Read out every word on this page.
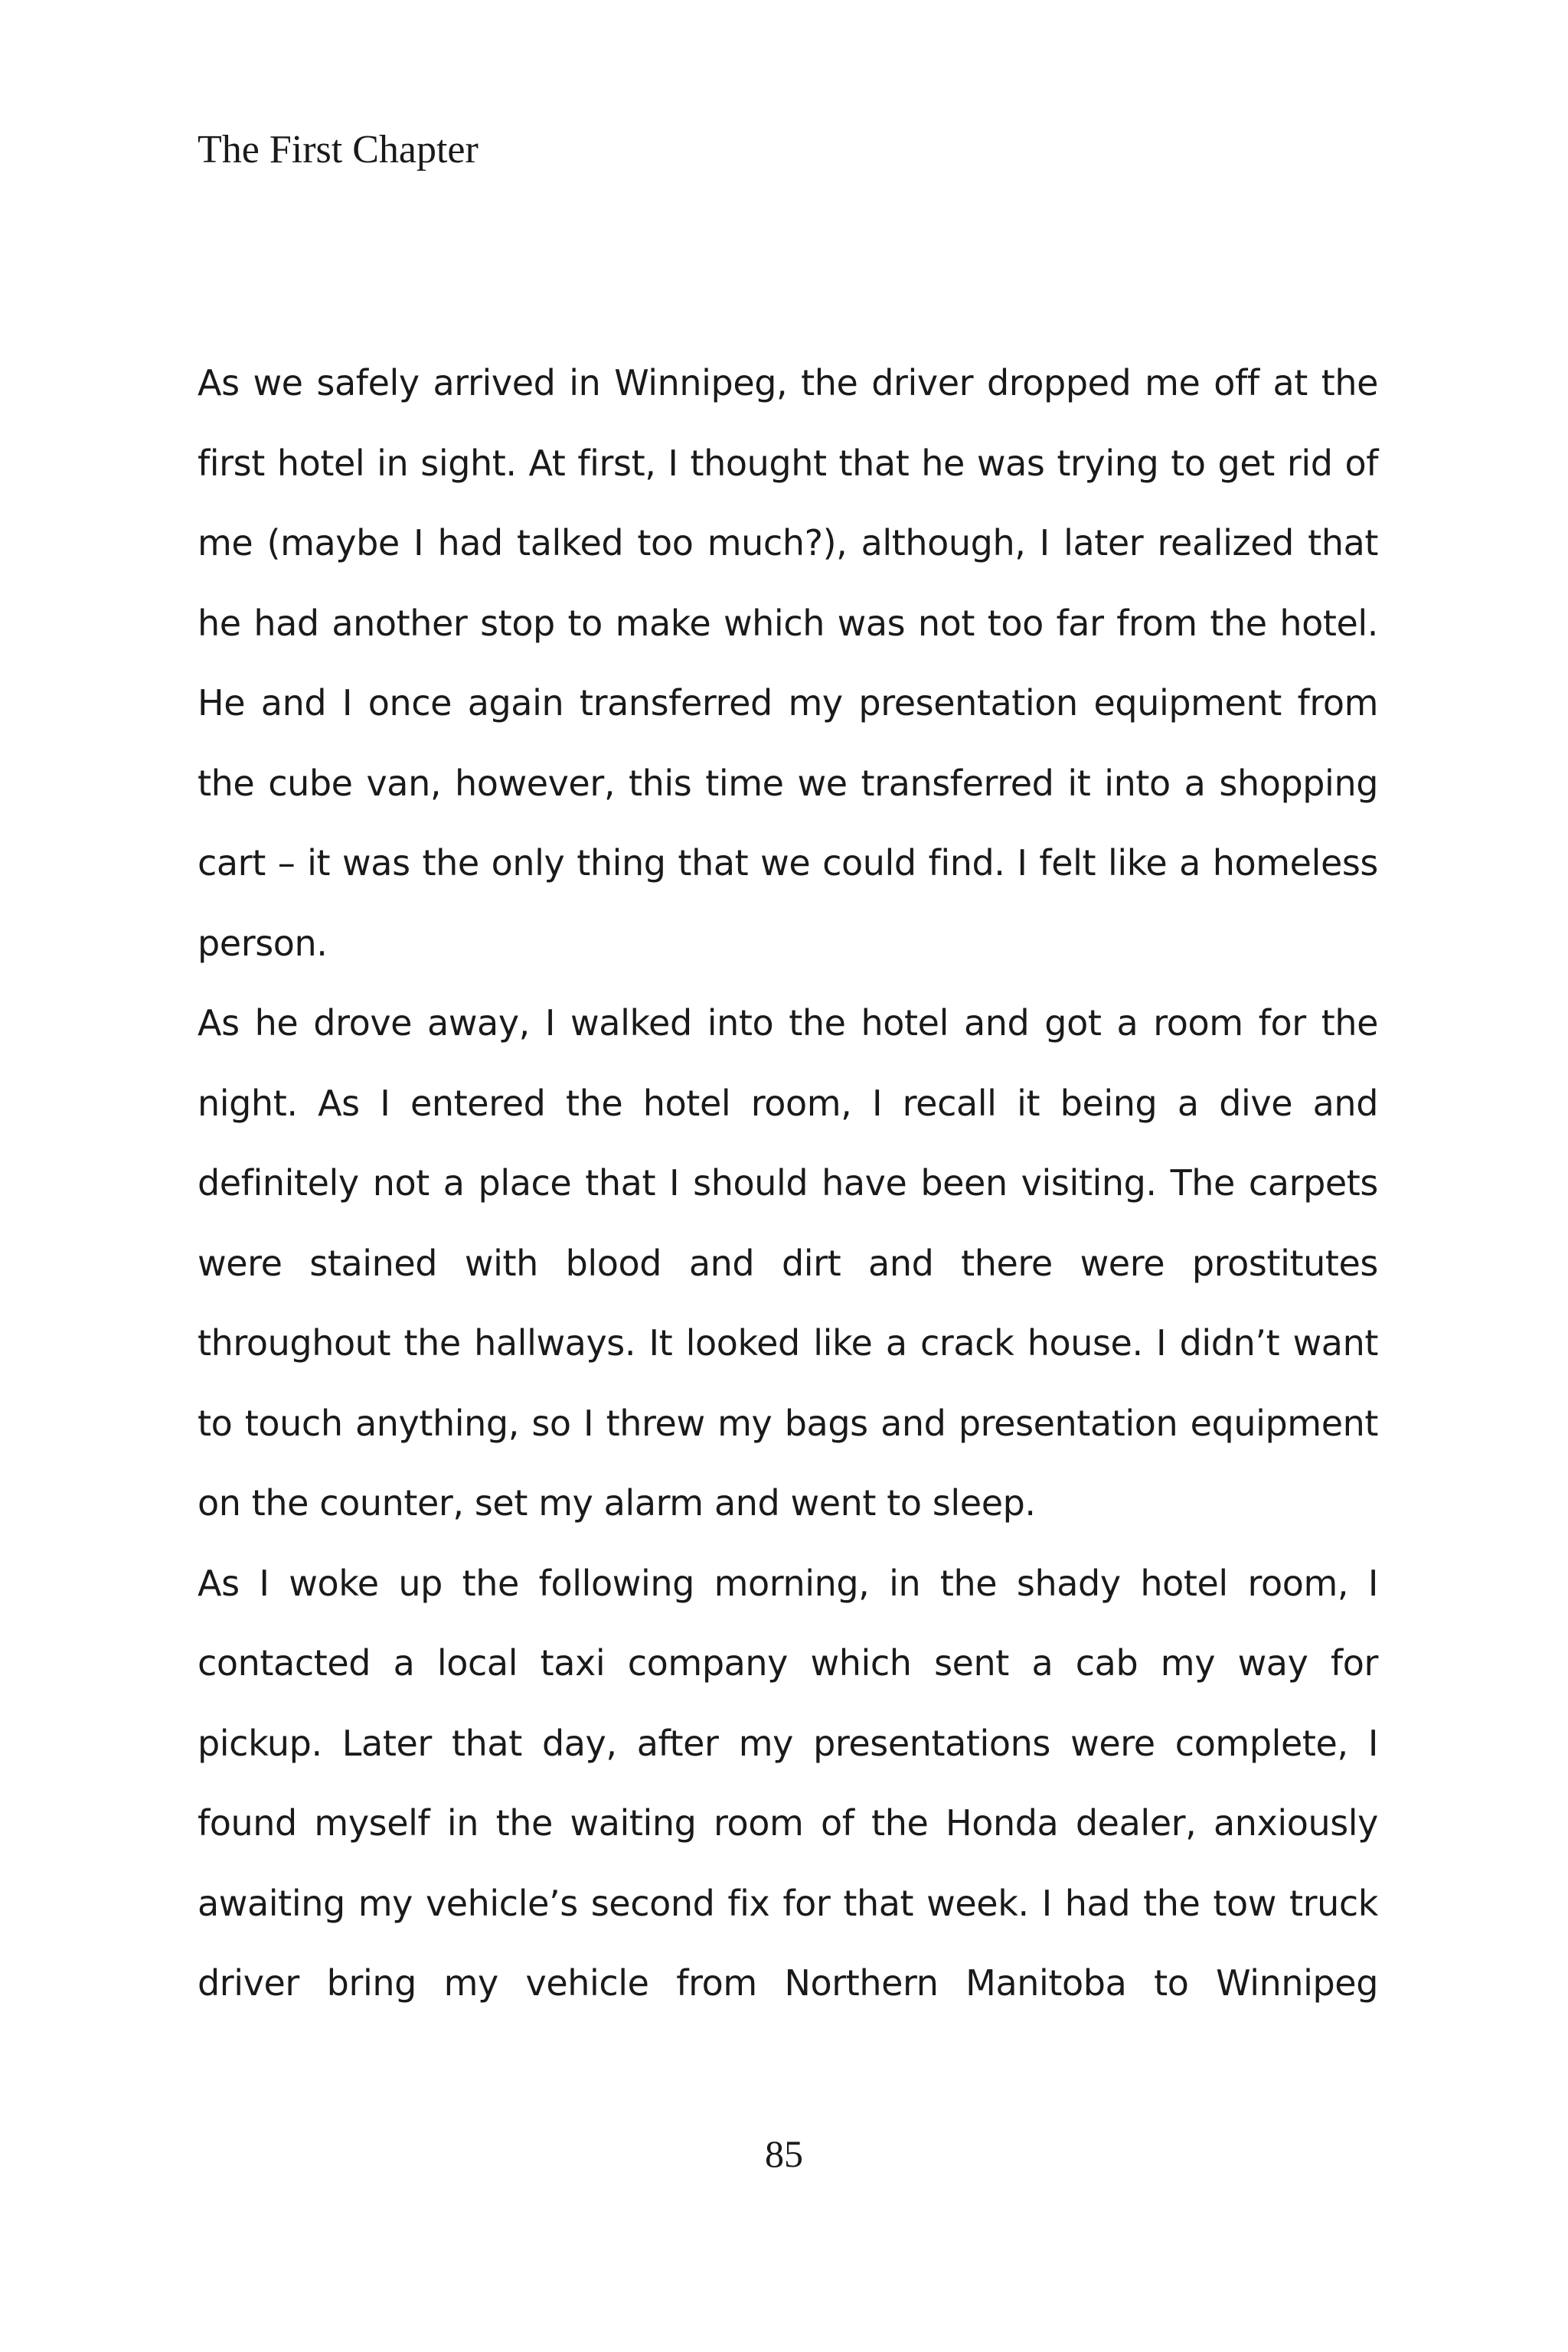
The First Chapter

As we safely arrived in Winnipeg, the driver dropped me off at the first hotel in sight. At first, I thought that he was trying to get rid of me (maybe I had talked too much?), although, I later realized that he had another stop to make which was not too far from the hotel. He and I once again transferred my presentation equipment from the cube van, however, this time we transferred it into a shopping cart – it was the only thing that we could find. I felt like a homeless person.

As he drove away, I walked into the hotel and got a room for the night. As I entered the hotel room, I recall it being a dive and definitely not a place that I should have been visiting. The carpets were stained with blood and dirt and there were prostitutes throughout the hallways. It looked like a crack house. I didn’t want to touch anything, so I threw my bags and presentation equipment on the counter, set my alarm and went to sleep.

As I woke up the following morning, in the shady hotel room, I contacted a local taxi company which sent a cab my way for pickup. Later that day, after my presentations were complete, I found myself in the waiting room of the Honda dealer, anxiously awaiting my vehicle’s second fix for that week. I had the tow truck driver bring my vehicle from Northern Manitoba to Winnipeg

85
